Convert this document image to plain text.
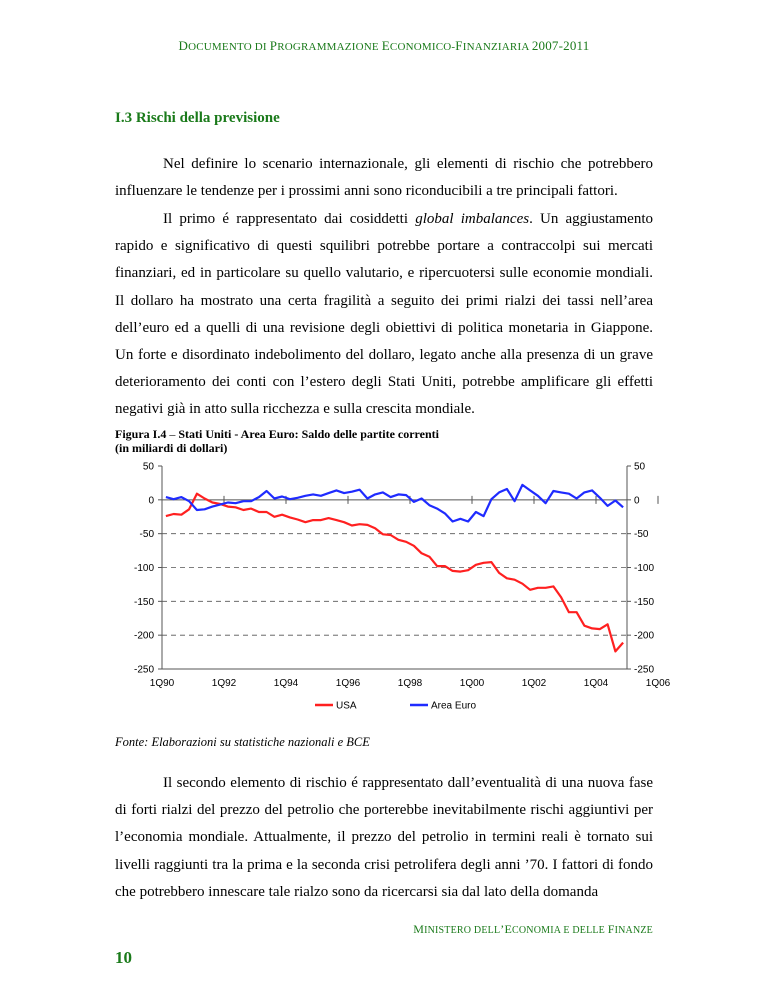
DOCUMENTO DI PROGRAMMAZIONE ECONOMICO-FINANZIARIA 2007-2011
I.3 Rischi della previsione

Nel definire lo scenario internazionale, gli elementi di rischio che potrebbero influenzare le tendenze per i prossimi anni sono riconducibili a tre principali fattori.

Il primo é rappresentato dai cosiddetti global imbalances. Un aggiustamento rapido e significativo di questi squilibri potrebbe portare a contraccolpi sui mercati finanziari, ed in particolare su quello valutario, e ripercuotersi sulle economie mondiali. Il dollaro ha mostrato una certa fragilità a seguito dei primi rialzi dei tassi nell’area dell’euro ed a quelli di una revisione degli obiettivi di politica monetaria in Giappone. Un forte e disordinato indebolimento del dollaro, legato anche alla presenza di un grave deterioramento dei conti con l’estero degli Stati Uniti, potrebbe amplificare gli effetti negativi già in atto sulla ricchezza e sulla crescita mondiale.

Figura I.4 – Stati Uniti - Area Euro: Saldo delle partite correnti
(in miliardi di dollari)
50	50
0	0
-50	-50
-100	-100
-150	-150
-200	-200
-250	-250
1Q90	1Q92	1Q94	1Q96	1Q98	1Q00	1Q02	1Q04	1Q06
USA	Area Euro
Fonte: Elaborazioni su statistiche nazionali e BCE

Il secondo elemento di rischio é rappresentato dall’eventualità di una nuova fase di forti rialzi del prezzo del petrolio che porterebbe inevitabilmente rischi aggiuntivi per l’economia mondiale. Attualmente, il prezzo del petrolio in termini reali è tornato sui livelli raggiunti tra la prima e la seconda crisi petrolifera degli anni ’70. I fattori di fondo che potrebbero innescare tale rialzo sono da ricercarsi sia dal lato della domanda

MINISTERO DELL’ECONOMIA E DELLE FINANZE
10
